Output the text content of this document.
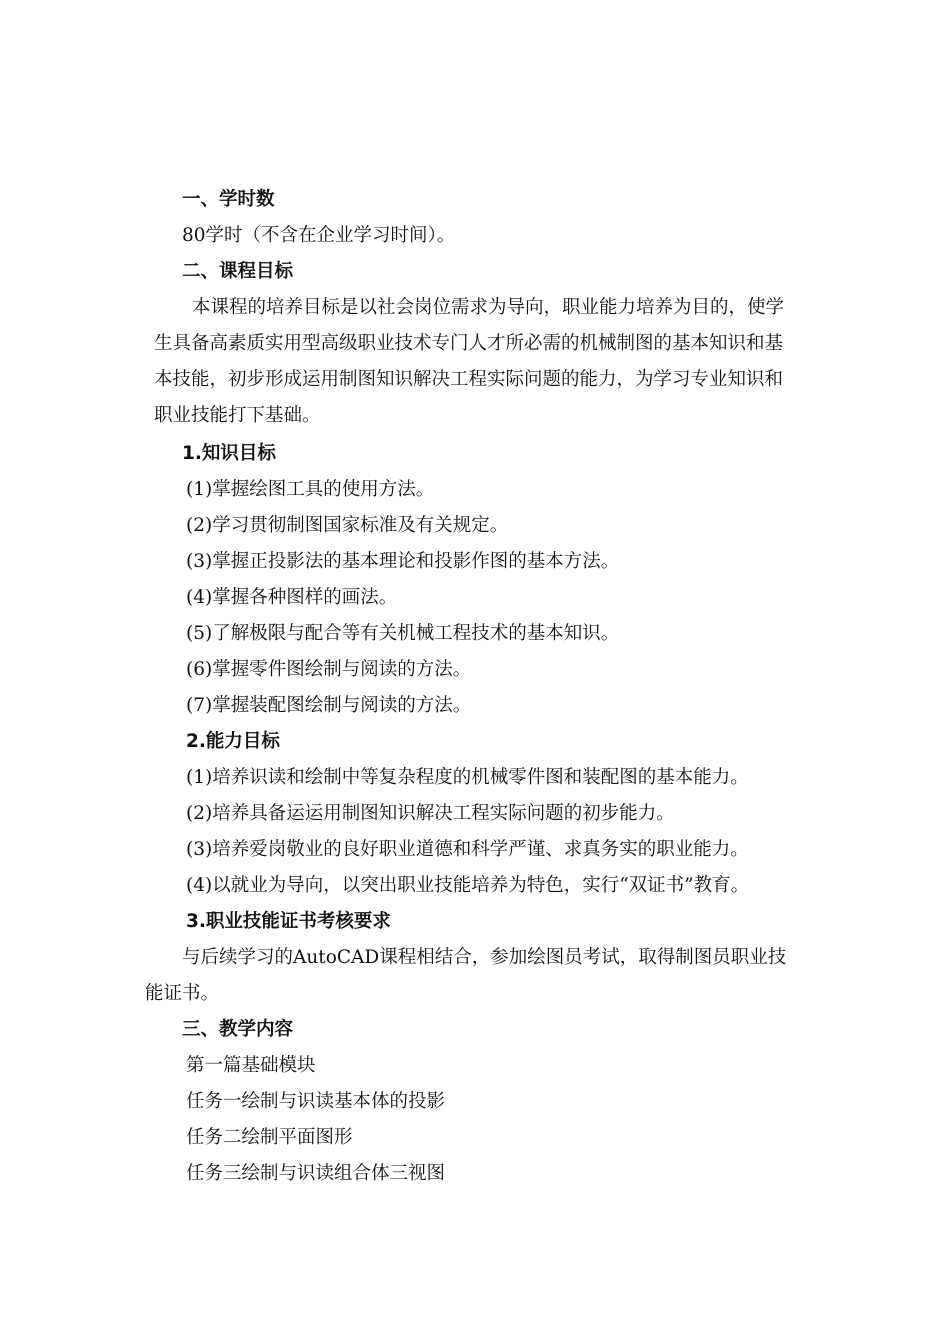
一、学时数

80学时（不含在企业学习时间）。

二、课程目标

本课程的培养目标是以社会岗位需求为导向，职业能力培养为目的，使学

生具备高素质实用型高级职业技术专门人才所必需的机械制图的基本知识和基

本技能，初步形成运用制图知识解决工程实际问题的能力，为学习专业知识和

职业技能打下基础。

1.知识目标

(1)掌握绘图工具的使用方法。

(2)学习贯彻制图国家标准及有关规定。

(3)掌握正投影法的基本理论和投影作图的基本方法。

(4)掌握各种图样的画法。

(5)了解极限与配合等有关机械工程技术的基本知识。

(6)掌握零件图绘制与阅读的方法。

(7)掌握装配图绘制与阅读的方法。

2.能力目标

(1)培养识读和绘制中等复杂程度的机械零件图和装配图的基本能力。

(2)培养具备运运用制图知识解决工程实际问题的初步能力。

(3)培养爱岗敬业的良好职业道德和科学严谨、求真务实的职业能力。

(4)以就业为导向，以突出职业技能培养为特色，实行“双证书”教育。

3.职业技能证书考核要求

与后续学习的AutoCAD课程相结合，参加绘图员考试，取得制图员职业技

能证书。

三、教学内容

第一篇基础模块

任务一绘制与识读基本体的投影

任务二绘制平面图形

任务三绘制与识读组合体三视图
